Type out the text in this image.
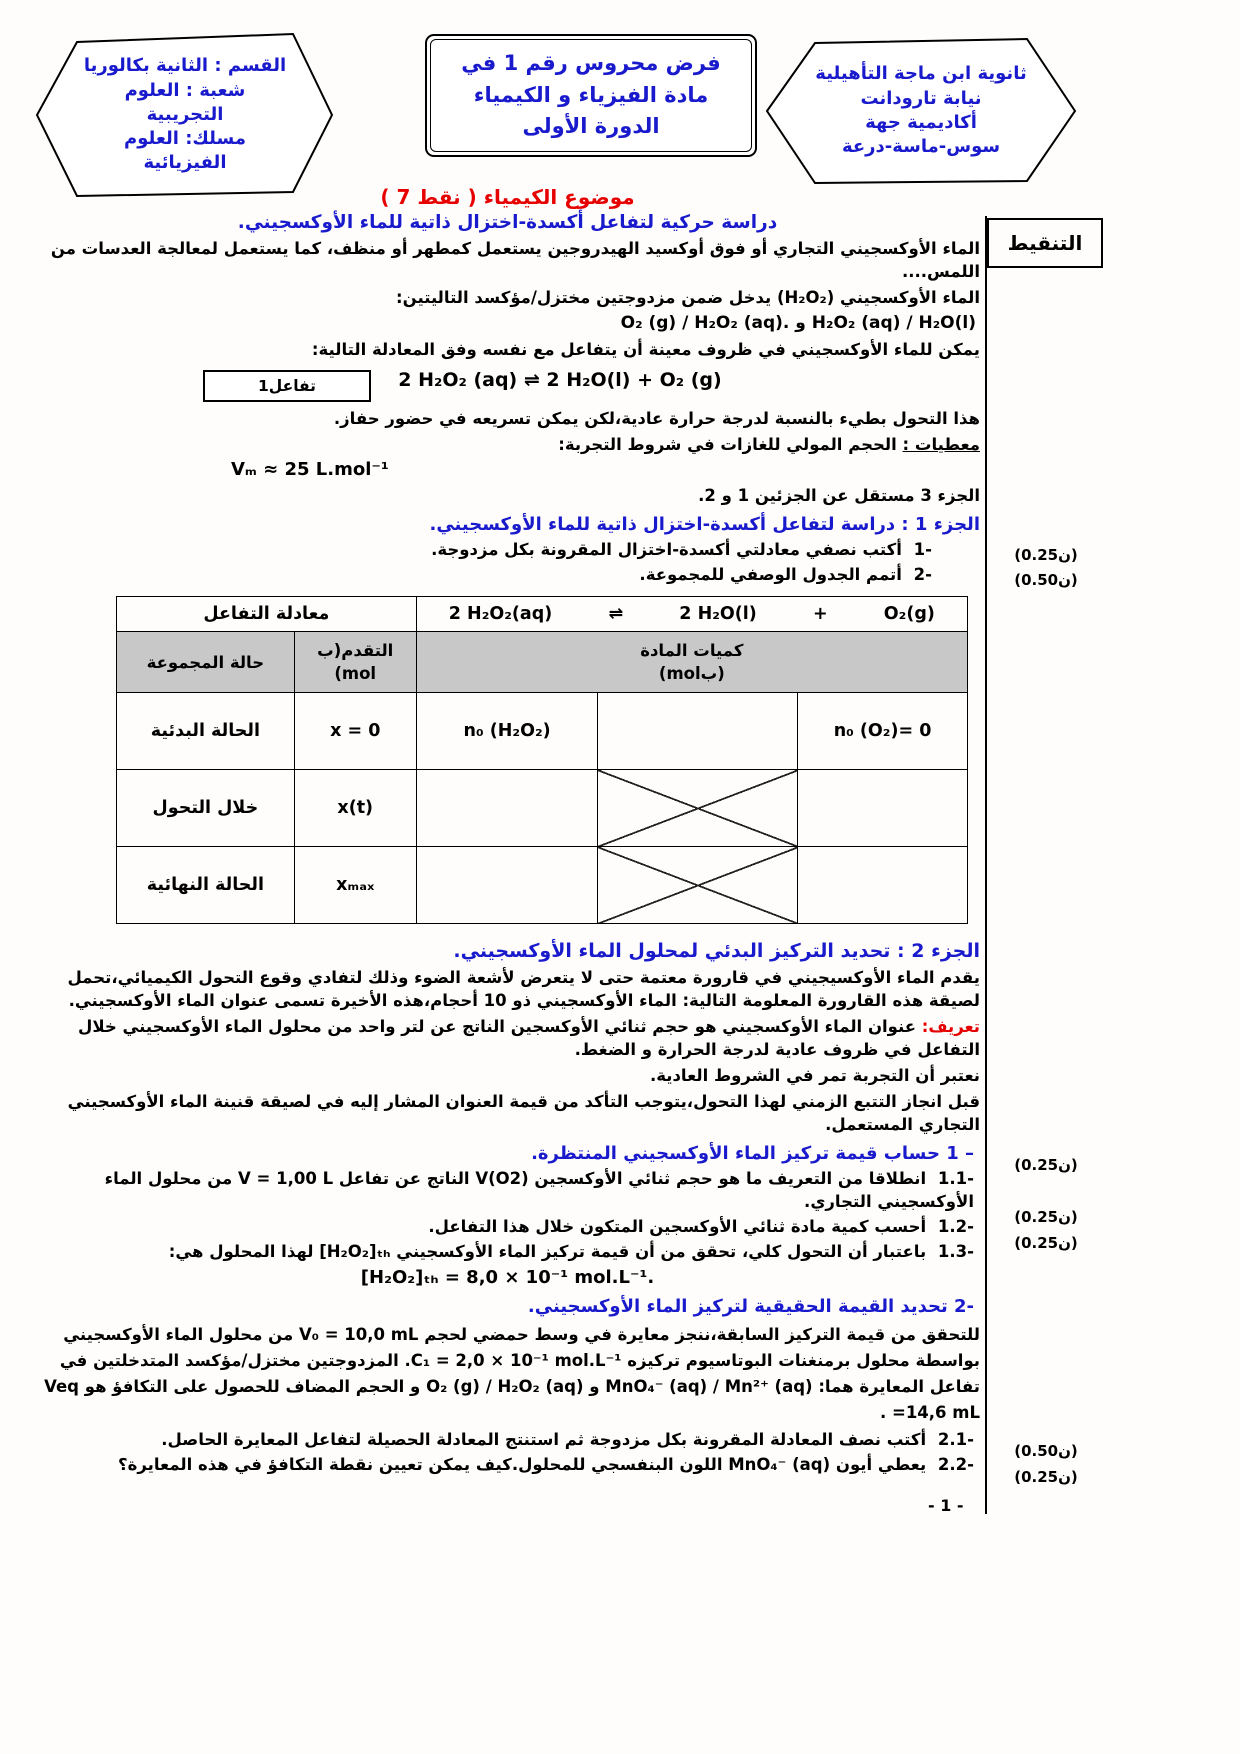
القسم : الثانية بكالوريا
شعبة : العلوم
التجريبية
مسلك: العلوم
الفيزيائية
فرض محروس رقم 1 في
مادة الفيزياء و الكيمياء
الدورة الأولى
ثانوية ابن ماجة التأهيلية
نيابة تارودانت
أكاديمية جهة
سوس-ماسة-درعة
التنقيط
(0.25ن)
(0.50ن)
(0.25ن)
(0.25ن)
(0.25ن)
(0.50ن)
(0.25ن)
موضوع الكيمياء ( 7 نقط )
دراسة حركية لتفاعل أكسدة-اختزال ذاتية للماء الأوكسجيني.
الماء الأوكسجيني التجاري أو فوق أوكسيد الهيدروجين يستعمل كمطهر أو منظف، كما يستعمل لمعالجة العدسات من اللمس....
الماء الأوكسجيني ⁦(H₂O₂)⁩ يدخل ضمن مزدوجتين مختزل/مؤكسد التاليتين:
O₂ (g) / H₂O₂ (aq). و H₂O₂ (aq) / H₂O(l)
يمكن للماء الأوكسجيني في ظروف معينة أن يتفاعل مع نفسه وفق المعادلة التالية:
تفاعل1	2 H₂O₂ (aq) ⇌ 2 H₂O(l) + O₂ (g)
هذا التحول بطيء بالنسبة لدرجة حرارة عادية،لكن يمكن تسريعه في حضور حفاز.
معطيات : الحجم المولي للغازات في شروط التجربة:
Vₘ ≈ 25 L.mol⁻¹
الجزء 3 مستقل عن الجزئين 1 و 2.
الجزء 1 : دراسة لتفاعل أكسدة-اختزال ذاتية للماء الأوكسجيني.
1- أكتب نصفي معادلتي أكسدة-اختزال المقرونة بكل مزدوجة.
2- أتمم الجدول الوصفي للمجموعة.
معادلة التفاعل		2 H₂O₂(aq) ⇌ 2 H₂O(l) + O₂(g)		

حالة المجموعة	التقدم(ب mol)	كميات المادة
(بmol)		

الحالة البدئية	x = 0	n₀ (H₂O₂)		n₀ (O₂)= 0
خلال التحول	x(t)			
الحالة النهائية	xₘₐₓ			
الجزء 2 : تحديد التركيز البدئي لمحلول الماء الأوكسجيني.
يقدم الماء الأوكسيجيني في قارورة معتمة حتى لا يتعرض لأشعة الضوء وذلك لتفادي وقوع التحول الكيميائي،تحمل لصيقة هذه القارورة المعلومة التالية: الماء الأوكسجيني ذو 10 أحجام،هذه الأخيرة تسمى عنوان الماء الأوكسجيني.
تعريف: عنوان الماء الأوكسجيني هو حجم ثنائي الأوكسجين الناتج عن لتر واحد من محلول الماء الأوكسجيني خلال التفاعل في ظروف عادية لدرجة الحرارة و الضغط.
نعتبر أن التجربة تمر في الشروط العادية.
قبل انجاز التتبع الزمني لهذا التحول،يتوجب التأكد من قيمة العنوان المشار إليه في لصيقة قنينة الماء الأوكسجيني التجاري المستعمل.
1 – حساب قيمة تركيز الماء الأوكسجيني المنتظرة.
1.1- انطلاقا من التعريف ما هو حجم ثنائي الأوكسجين ⁦V(O2)⁩ الناتج عن تفاعل ⁦V = 1,00 L⁩ من محلول الماء الأوكسجيني التجاري.
1.2- أحسب كمية مادة ثنائي الأوكسجين المتكون خلال هذا التفاعل.
1.3- باعتبار أن التحول كلي، تحقق من أن قيمة تركيز الماء الأوكسجيني ⁦[H₂O₂]ₜₕ⁩ لهذا المحلول هي:
[H₂O₂]ₜₕ = 8,0 × 10⁻¹ mol.L⁻¹.
2- تحديد القيمة الحقيقية لتركيز الماء الأوكسجيني.
للتحقق من قيمة التركيز السابقة،ننجز معايرة في وسط حمضي لحجم ⁦V₀ = 10,0 mL⁩ من محلول الماء الأوكسجيني بواسطة محلول برمنغنات البوتاسيوم تركيزه ⁦C₁ = 2,0 × 10⁻¹ mol.L⁻¹⁩. المزدوجتين مختزل/مؤكسد المتدخلتين في تفاعل المعايرة هما: ⁦MnO₄⁻ (aq) / Mn²⁺ (aq)⁩ و ⁦O₂ (g) / H₂O₂ (aq)⁩ و الحجم المضاف للحصول على التكافؤ هو ⁦Veq =14,6 mL⁩ .
2.1- أكتب نصف المعادلة المقرونة بكل مزدوجة ثم استنتج المعادلة الحصيلة لتفاعل المعايرة الحاصل.
2.2- يعطي أيون ⁦MnO₄⁻ (aq)⁩ اللون البنفسجي للمحلول.كيف يمكن تعيين نقطة التكافؤ في هذه المعايرة؟
- 1 -
